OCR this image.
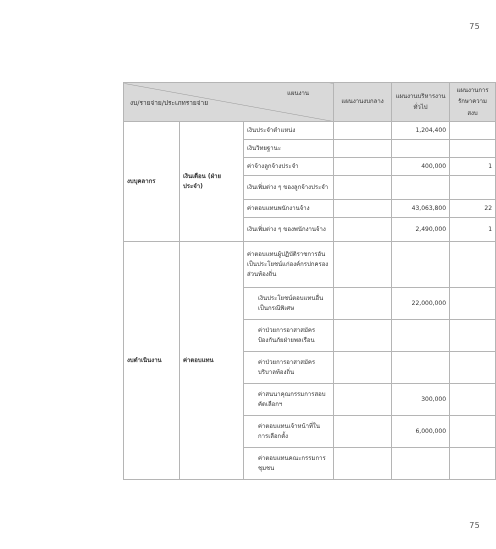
75
แผนงาน
งบ/รายจ่าย/ประเภทรายจ่าย			แผนงานงบกลาง	แผนงานบริหารงานทั่วไป	แผนงานการรักษาความสงบ
งบบุคลากร	เงินเดือน (ฝ่ายประจำ)	เงินประจำตำแหน่ง		1,204,400	
		เงินวิทยฐานะ			
		ค่าจ้างลูกจ้างประจำ		400,000	1
		เงินเพิ่มต่าง ๆ ของลูกจ้างประจำ			
		ค่าตอบแทนพนักงานจ้าง		43,063,800	22
		เงินเพิ่มต่าง ๆ ของพนักงานจ้าง		2,490,000	1
งบดำเนินงาน	ค่าตอบแทน	ค่าตอบแทนผู้ปฏิบัติราชการอันเป็นประโยชน์แก่องค์กรปกครองส่วนท้องถิ่น			
		เงินประโยชน์ตอบแทนอื่นเป็นกรณีพิเศษ		22,000,000	
		ค่าป่วยการอาสาสมัครป้องกันภัยฝ่ายพลเรือน			
		ค่าป่วยการอาสาสมัครบริบาลท้องถิ่น			
		ค่าสนนาคุณกรรมการสอบคัดเลือกฯ		300,000	
		ค่าตอบแทนเจ้าหน้าที่ในการเลือกตั้ง		6,000,000	
		ค่าตอบแทนคณะกรรมการชุมชน			
75
